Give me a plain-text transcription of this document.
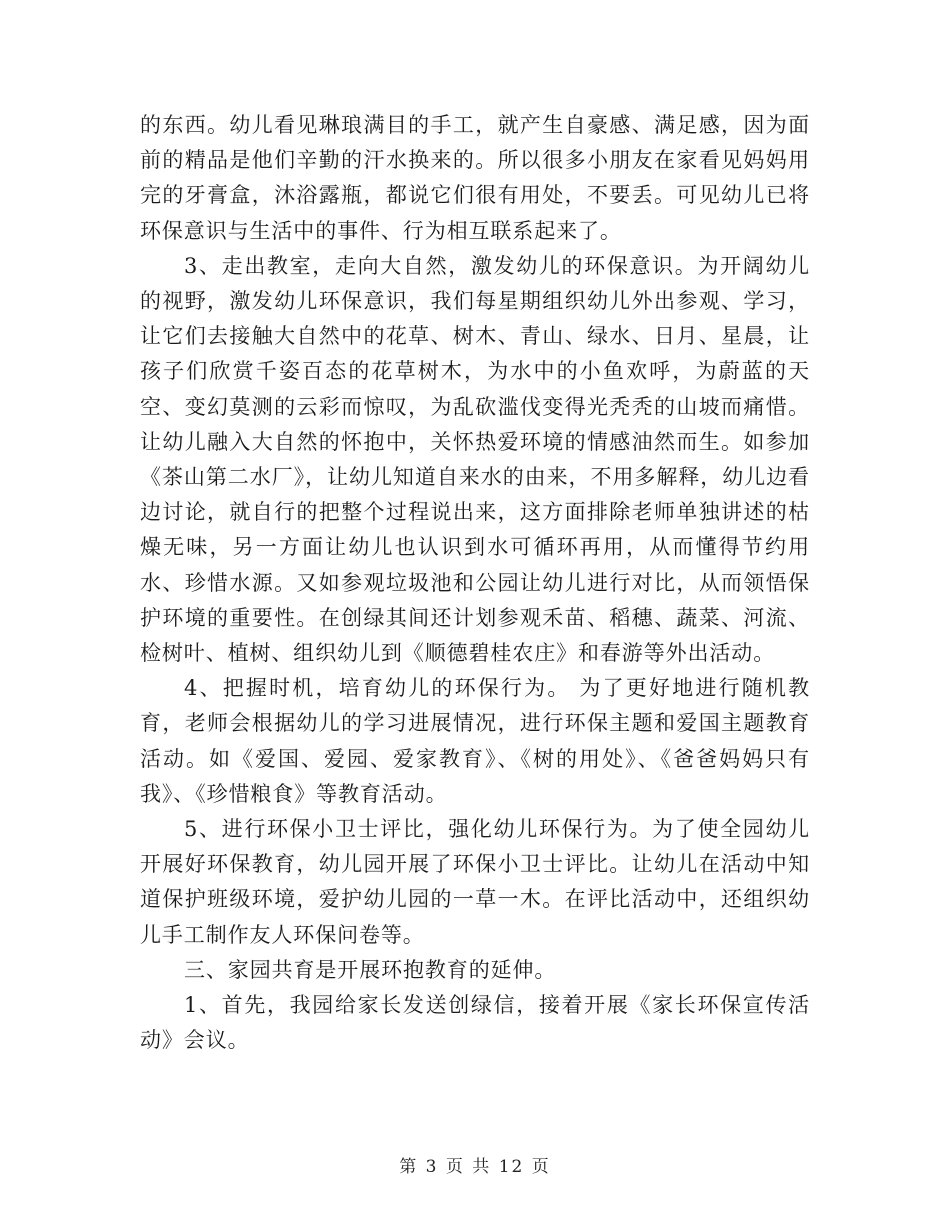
的东西。幼儿看见琳琅满目的手工，就产生自豪感、满足感，因为面前的精品是他们辛勤的汗水换来的。所以很多小朋友在家看见妈妈用完的牙膏盒，沐浴露瓶，都说它们很有用处，不要丢。可见幼儿已将环保意识与生活中的事件、行为相互联系起来了。

3、走出教室，走向大自然，激发幼儿的环保意识。为开阔幼儿的视野，激发幼儿环保意识，我们每星期组织幼儿外出参观、学习，让它们去接触大自然中的花草、树木、青山、绿水、日月、星晨，让孩子们欣赏千姿百态的花草树木，为水中的小鱼欢呼，为蔚蓝的天空、变幻莫测的云彩而惊叹，为乱砍滥伐变得光秃秃的山坡而痛惜。让幼儿融入大自然的怀抱中，关怀热爱环境的情感油然而生。如参加《茶山第二水厂》，让幼儿知道自来水的由来，不用多解释，幼儿边看边讨论，就自行的把整个过程说出来，这方面排除老师单独讲述的枯燥无味，另一方面让幼儿也认识到水可循环再用，从而懂得节约用水、珍惜水源。又如参观垃圾池和公园让幼儿进行对比，从而领悟保护环境的重要性。在创绿其间还计划参观禾苗、稻穗、蔬菜、河流、检树叶、植树、组织幼儿到《顺德碧桂农庄》和春游等外出活动。

4、把握时机，培育幼儿的环保行为。 为了更好地进行随机教育，老师会根据幼儿的学习进展情况，进行环保主题和爱国主题教育活动。如《爱国、爱园、爱家教育》、《树的用处》、《爸爸妈妈只有我》、《珍惜粮食》等教育活动。

5、进行环保小卫士评比，强化幼儿环保行为。为了使全园幼儿开展好环保教育，幼儿园开展了环保小卫士评比。让幼儿在活动中知道保护班级环境，爱护幼儿园的一草一木。在评比活动中，还组织幼儿手工制作友人环保问卷等。

三、家园共育是开展环抱教育的延伸。

1、首先，我园给家长发送创绿信，接着开展《家长环保宣传活动》会议。

第 3 页 共 12 页
